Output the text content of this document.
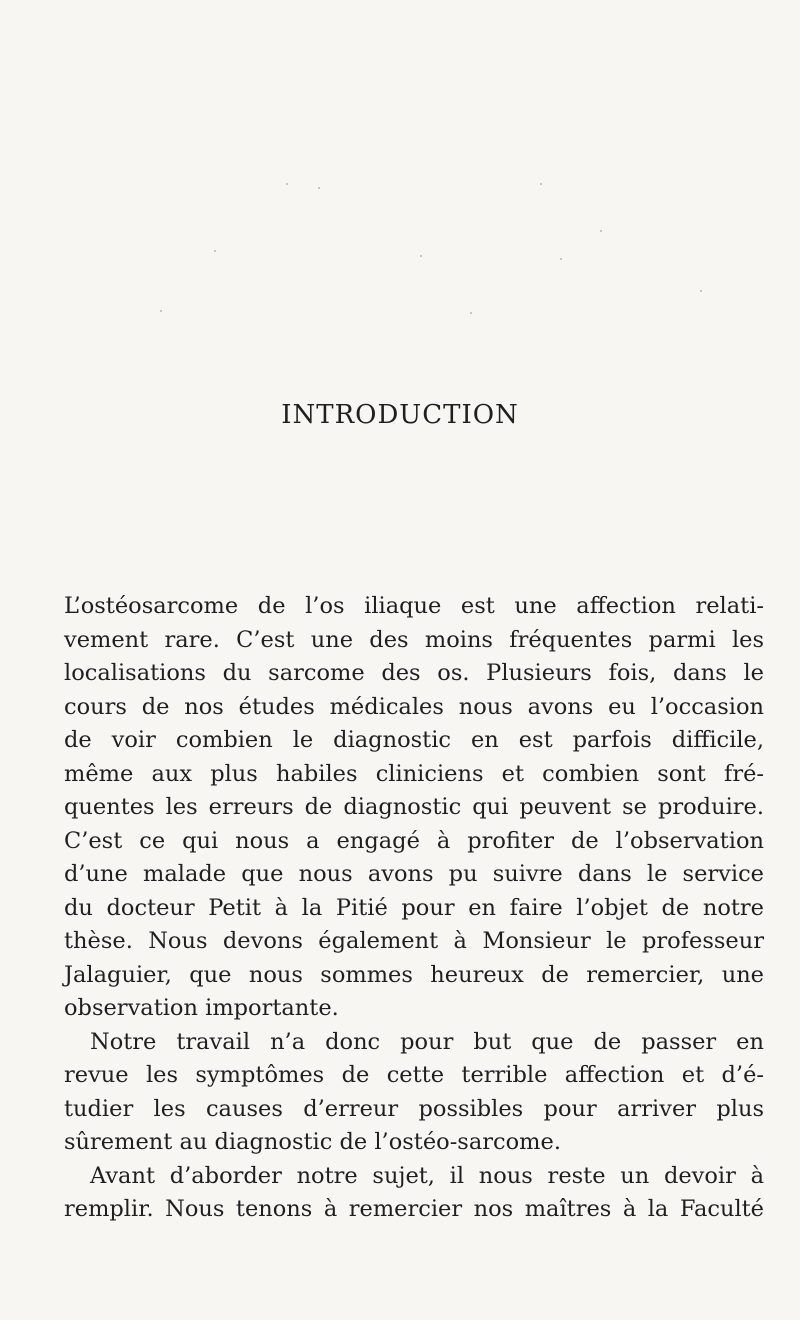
INTRODUCTION
L’ostéosarcome de l’os iliaque est une affection relati-
vement rare. C’est une des moins fréquentes parmi les
localisations du sarcome des os. Plusieurs fois, dans le
cours de nos études médicales nous avons eu l’occasion
de voir combien le diagnostic en est parfois difficile,
même aux plus habiles cliniciens et combien sont fré-
quentes les erreurs de diagnostic qui peuvent se produire.
C’est ce qui nous a engagé à profiter de l’observation
d’une malade que nous avons pu suivre dans le service
du docteur Petit à la Pitié pour en faire l’objet de notre
thèse. Nous devons également à Monsieur le professeur
Jalaguier, que nous sommes heureux de remercier, une
observation importante.
Notre travail n’a donc pour but que de passer en
revue les symptômes de cette terrible affection et d’é-
tudier les causes d’erreur possibles pour arriver plus
sûrement au diagnostic de l’ostéo-sarcome.
Avant d’aborder notre sujet, il nous reste un devoir à
remplir. Nous tenons à remercier nos maîtres à la Faculté
